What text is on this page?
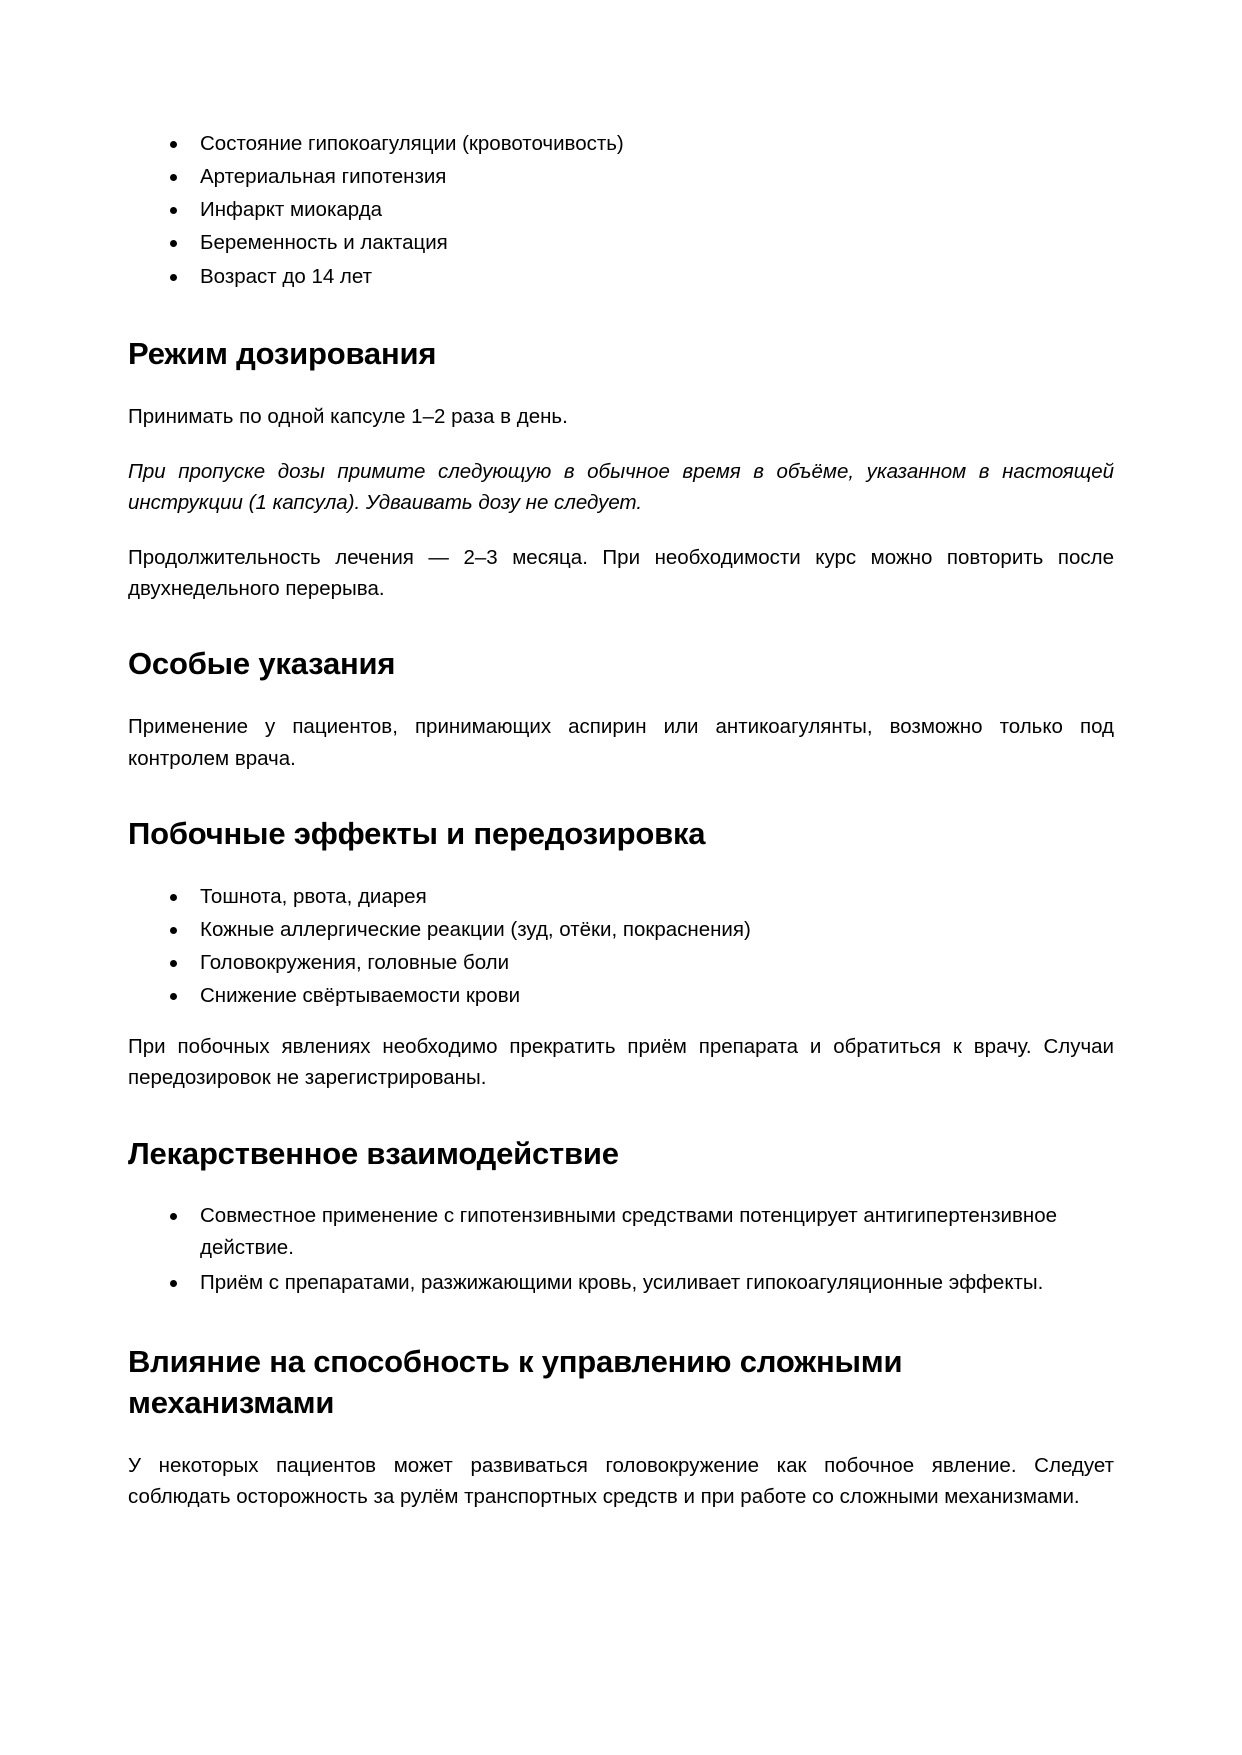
Состояние гипокоагуляции (кровоточивость)
Артериальная гипотензия
Инфаркт миокарда
Беременность и лактация
Возраст до 14 лет
Режим дозирования

Принимать по одной капсуле 1–2 раза в день.

При пропуске дозы примите следующую в обычное время в объёме, указанном в настоящей инструкции (1 капсула). Удваивать дозу не следует.

Продолжительность лечения — 2–3 месяца. При необходимости курс можно повторить после двухнедельного перерыва.

Особые указания

Применение у пациентов, принимающих аспирин или антикоагулянты, возможно только под контролем врача.

Побочные эффекты и передозировка
Тошнота, рвота, диарея
Кожные аллергические реакции (зуд, отёки, покраснения)
Головокружения, головные боли
Снижение свёртываемости крови

При побочных явлениях необходимо прекратить приём препарата и обратиться к врачу. Случаи передозировок не зарегистрированы.

Лекарственное взаимодействие
Совместное применение с гипотензивными средствами потенцирует антигипертензивное действие.
Приём с препаратами, разжижающими кровь, усиливает гипокоагуляционные эффекты.
Влияние на способность к управлению сложными механизмами

У некоторых пациентов может развиваться головокружение как побочное явление. Следует соблюдать осторожность за рулём транспортных средств и при работе со сложными механизмами.
